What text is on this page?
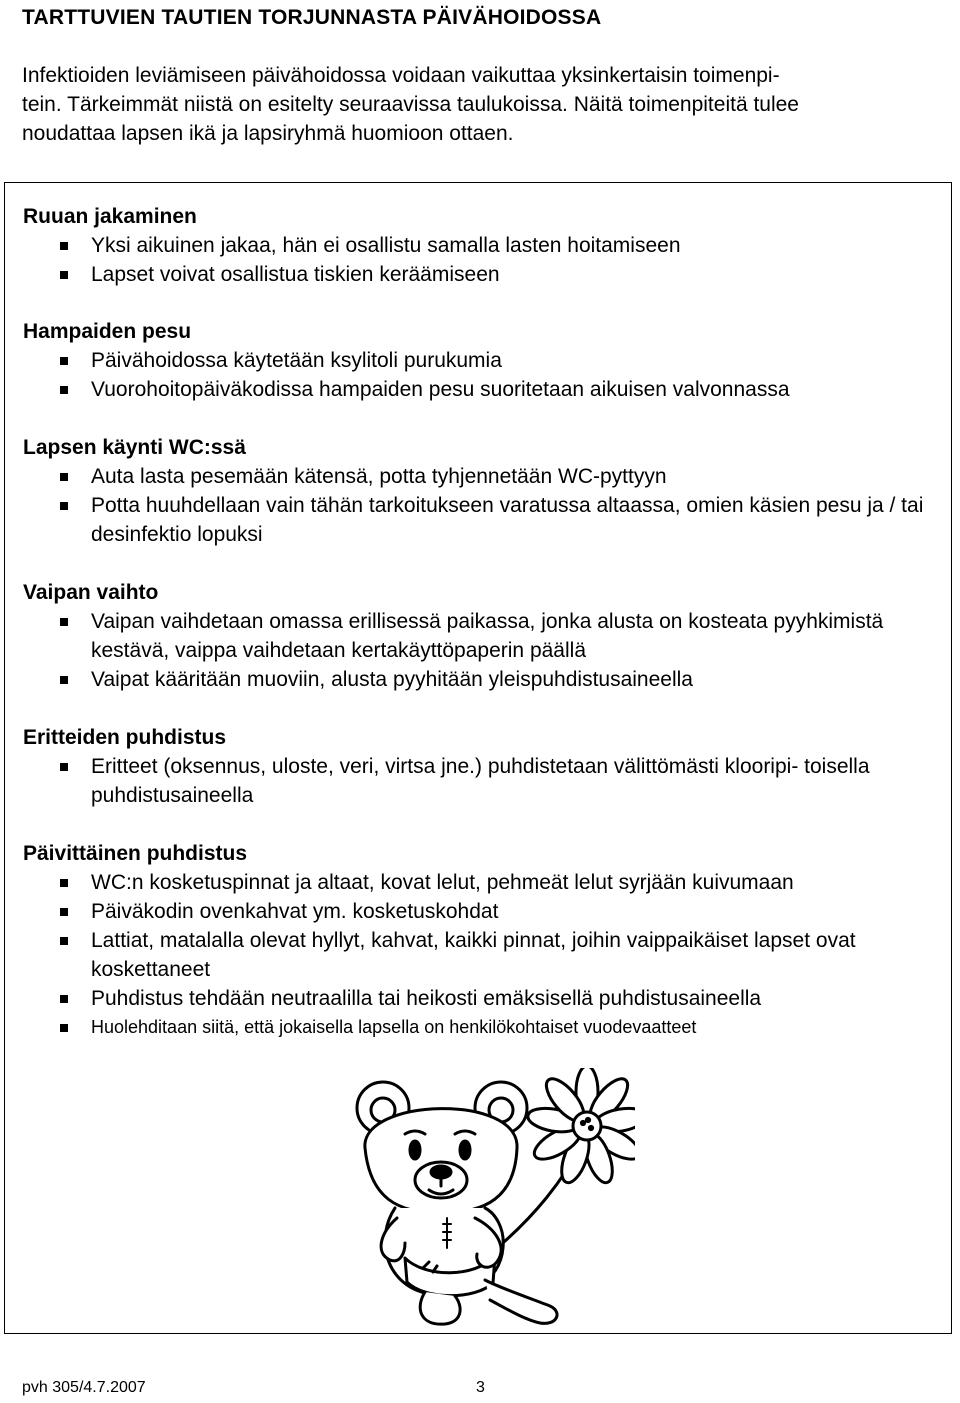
TARTTUVIEN TAUTIEN TORJUNNASTA PÄIVÄHOIDOSSA
Infektioiden leviämiseen päivähoidossa voidaan vaikuttaa yksinkertaisin toimenpi-
tein. Tärkeimmät niistä on esitelty seuraavissa taulukoissa. Näitä toimenpiteitä tulee
noudattaa lapsen ikä ja lapsiryhmä huomioon ottaen.
Ruuan jakaminen
Yksi aikuinen jakaa, hän ei osallistu samalla lasten hoitamiseen
Lapset voivat osallistua tiskien keräämiseen
Hampaiden pesu
Päivähoidossa käytetään ksylitoli purukumia
Vuorohoitopäiväkodissa hampaiden pesu suoritetaan aikuisen valvonnassa
Lapsen käynti WC:ssä
Auta lasta pesemään kätensä, potta tyhjennetään WC-pyttyyn
Potta huuhdellaan vain tähän tarkoitukseen varatussa altaassa, omien käsien pesu ja / tai desinfektio lopuksi
Vaipan vaihto
Vaipan vaihdetaan omassa erillisessä paikassa, jonka alusta on kosteata pyyhkimistä kestävä, vaippa vaihdetaan kertakäyttöpaperin päällä
Vaipat kääritään muoviin, alusta pyyhitään yleispuhdistusaineella
Eritteiden puhdistus
Eritteet (oksennus, uloste, veri, virtsa jne.) puhdistetaan välittömästi klooripi- toisella puhdistusaineella
Päivittäinen puhdistus
WC:n kosketuspinnat ja altaat, kovat lelut, pehmeät lelut syrjään kuivumaan
Päiväkodin ovenkahvat ym. kosketuskohdat
Lattiat, matalalla olevat hyllyt, kahvat, kaikki pinnat, joihin vaippaikäiset lapset ovat koskettaneet
Puhdistus tehdään neutraalilla tai heikosti emäksisellä puhdistusaineella
Huolehditaan siitä, että jokaisella lapsella on henkilökohtaiset vuodevaatteet
pvh 305/4.7.2007	3
